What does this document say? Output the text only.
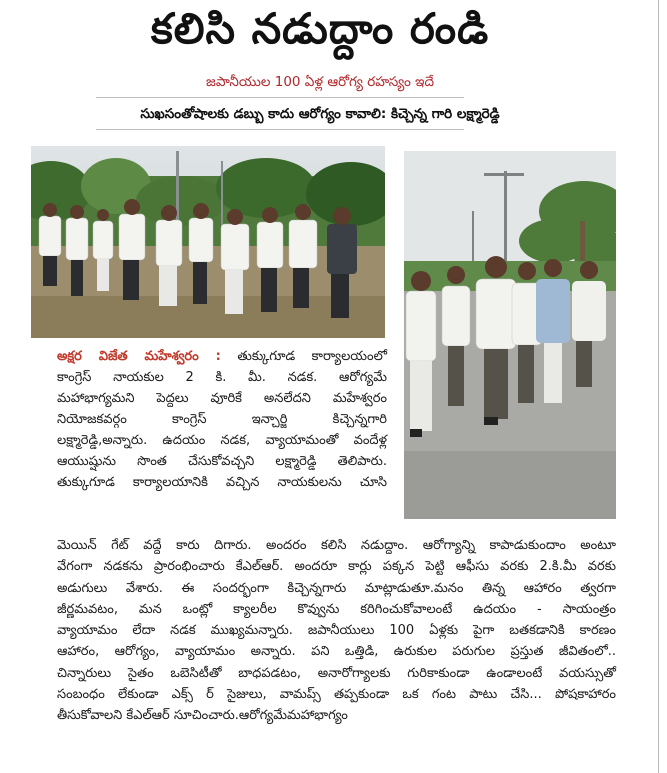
కలిసి నడుద్దాం రండి
జపానీయుల 100 ఏళ్ల ఆరోగ్య రహస్యం ఇదే
సుఖసంతోషాలకు డబ్బు కాదు ఆరోగ్యం కావాలి: కిచ్చెన్న గారి లక్ష్మారెడ్డి
అక్షర విజేత మహేశ్వరం : తుక్కుగూడ కార్యాలయంలో
కాంగ్రెస్ నాయకుల 2 కి. మీ. నడక. ఆరోగ్యమే
మహాభాగ్యమని పెద్దలు వూరికే అనలేదని మహేశ్వరం
నియోజకవర్గం కాంగ్రెస్ ఇన్చార్జి కిచ్చెన్నగారి
లక్ష్మారెడ్డి,అన్నారు. ఉదయం నడక, వ్యాయామంతో వందేళ్ల
ఆయుష్షును సొంత చేసుకోవచ్చని లక్ష్మారెడ్డి తెలిపారు.
తుక్కుగూడ కార్యాలయానికి వచ్చిన నాయకులను చూసి
మెయిన్ గేట్ వద్దే కారు దిగారు. అందరం కలిసి నడుద్దాం. ఆరోగ్యాన్ని కాపాడుకుందాం అంటూ
వేగంగా నడకను ప్రారంభించారు కేఎల్ఆర్. అందరూ కార్లు పక్కన పెట్టి ఆఫీసు వరకు 2.కి.మీ వరకు
అడుగులు వేశారు. ఈ సందర్భంగా కిచ్చెన్నగారు మాట్లాడుతూ.మనం తిన్న ఆహారం త్వరగా
జీర్ణమవటం, మన ఒంట్లో క్యాలరీల కొవ్వును కరిగించుకోవాలంటే ఉదయం - సాయంత్రం
వ్యాయామం లేదా నడక ముఖ్యమన్నారు. జపానీయులు 100 ఏళ్లకు పైగా బతకడానికి కారణం
ఆహారం, ఆరోగ్యం, వ్యాయామం అన్నారు. పని ఒత్తిడి, ఉరుకుల పరుగుల ప్రస్తుత జీవితంలో..
చిన్నారులు సైతం ఒబెసిటీతో బాధపడటం, అనారోగ్యాలకు గురికాకుండా ఉండాలంటే వయస్సుతో
సంబంధం లేకుండా ఎక్స్ ర్ సైజులు, వామప్స్ తప్పకుండా ఒక గంట పాటు చేసి... పోషకాహారం
తీసుకోవాలని కేఎల్ఆర్ సూచించారు.ఆరోగ్యమేమహాభాగ్యం
